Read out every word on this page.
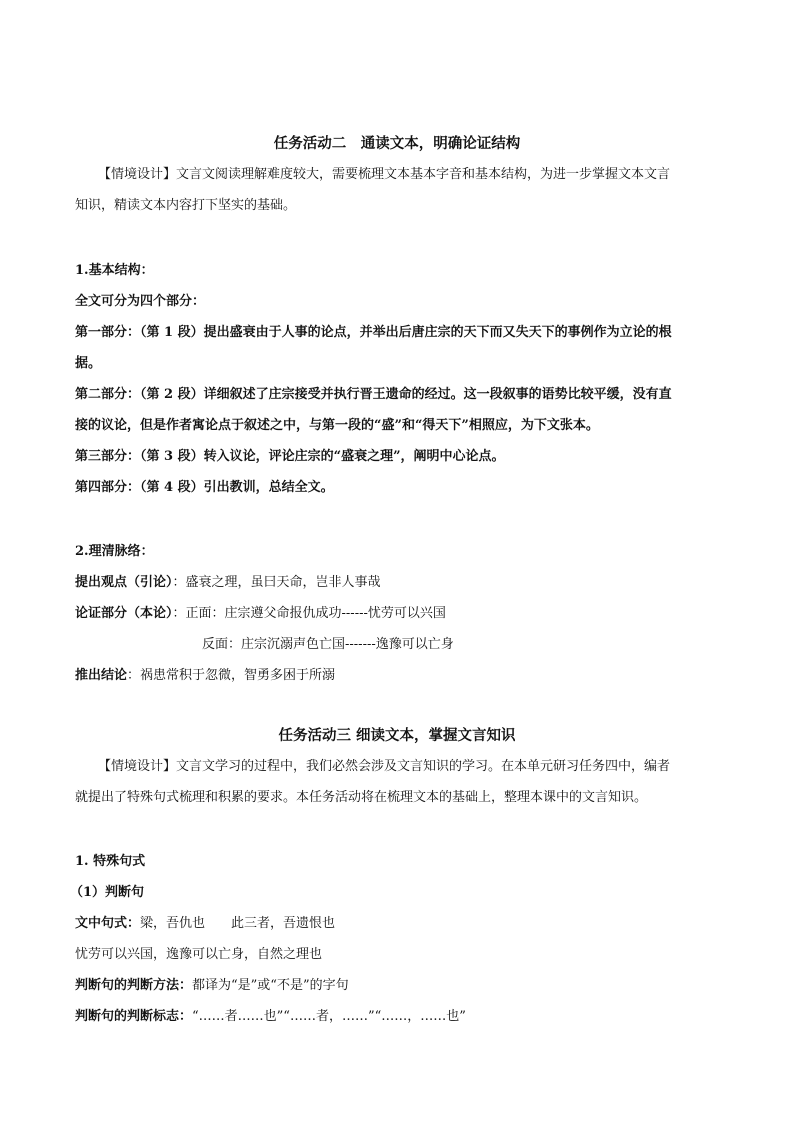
任务活动二　通读文本，明确论证结构
【情境设计】文言文阅读理解难度较大，需要梳理文本基本字音和基本结构，为进一步掌握文本文言
知识，精读文本内容打下坚实的基础。
1.基本结构：
全文可分为四个部分：
第一部分：（第 1 段）提出盛衰由于人事的论点，并举出后唐庄宗的天下而又失天下的事例作为立论的根
据。
第二部分：（第 2 段）详细叙述了庄宗接受并执行晋王遗命的经过。这一段叙事的语势比较平缓，没有直
接的议论，但是作者寓论点于叙述之中，与第一段的“盛”和“得天下”相照应，为下文张本。
第三部分：（第 3 段）转入议论，评论庄宗的“盛衰之理”，阐明中心论点。
第四部分：（第 4 段）引出教训，总结全文。
2.理清脉络：
提出观点（引论）：盛衰之理，虽曰天命，岂非人事哉
论证部分（本论）：正面：庄宗遵父命报仇成功------忧劳可以兴国
反面：庄宗沉溺声色亡国-------逸豫可以亡身
推出结论：祸患常积于忽微，智勇多困于所溺
任务活动三 细读文本，掌握文言知识
【情境设计】文言文学习的过程中，我们必然会涉及文言知识的学习。在本单元研习任务四中，编者
就提出了特殊句式梳理和积累的要求。本任务活动将在梳理文本的基础上，整理本课中的文言知识。
1. 特殊句式
（1）判断句
文中句式：梁，吾仇也　　此三者，吾遗恨也
忧劳可以兴国，逸豫可以亡身，自然之理也
判断句的判断方法：都译为“是”或“不是”的字句
判断句的判断标志：“……者……也”“……者，……”“……，……也”
